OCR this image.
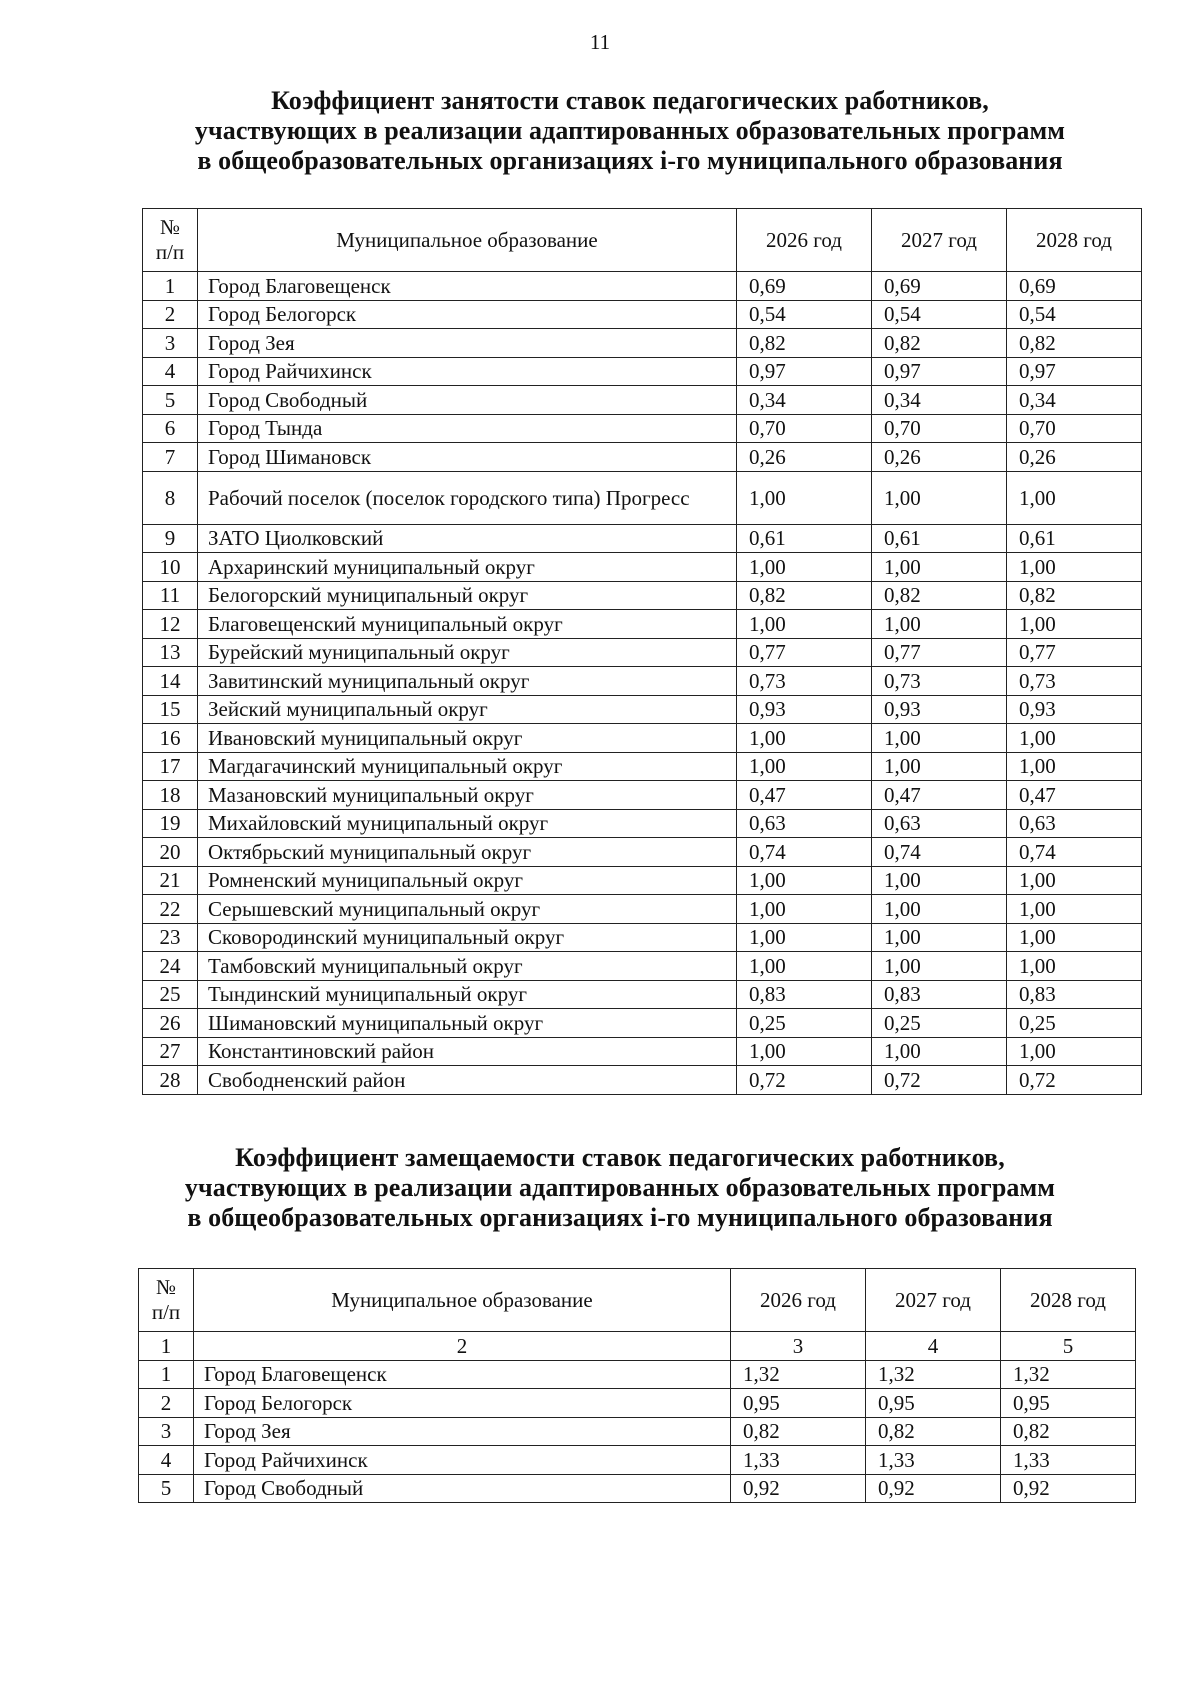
11
Коэффициент занятости ставок педагогических работников,
участвующих в реализации адаптированных образовательных программ
в общеобразовательных организациях i-го муниципального образования
№
п/п	Муниципальное образование	2026 год	2027 год	2028 год
1	Город Благовещенск	0,69	0,69	0,69
2	Город Белогорск	0,54	0,54	0,54
3	Город Зея	0,82	0,82	0,82
4	Город Райчихинск	0,97	0,97	0,97
5	Город Свободный	0,34	0,34	0,34
6	Город Тында	0,70	0,70	0,70
7	Город Шимановск	0,26	0,26	0,26
8	Рабочий поселок (поселок городского типа) Прогресс	1,00	1,00	1,00
9	ЗАТО Циолковский	0,61	0,61	0,61
10	Архаринский муниципальный округ	1,00	1,00	1,00
11	Белогорский муниципальный округ	0,82	0,82	0,82
12	Благовещенский муниципальный округ	1,00	1,00	1,00
13	Бурейский муниципальный округ	0,77	0,77	0,77
14	Завитинский муниципальный округ	0,73	0,73	0,73
15	Зейский муниципальный округ	0,93	0,93	0,93
16	Ивановский муниципальный округ	1,00	1,00	1,00
17	Магдагачинский муниципальный округ	1,00	1,00	1,00
18	Мазановский муниципальный округ	0,47	0,47	0,47
19	Михайловский муниципальный округ	0,63	0,63	0,63
20	Октябрьский муниципальный округ	0,74	0,74	0,74
21	Ромненский муниципальный округ	1,00	1,00	1,00
22	Серышевский муниципальный округ	1,00	1,00	1,00
23	Сковородинский муниципальный округ	1,00	1,00	1,00
24	Тамбовский муниципальный округ	1,00	1,00	1,00
25	Тындинский муниципальный округ	0,83	0,83	0,83
26	Шимановский муниципальный округ	0,25	0,25	0,25
27	Константиновский район	1,00	1,00	1,00
28	Свободненский район	0,72	0,72	0,72
Коэффициент замещаемости ставок педагогических работников,
участвующих в реализации адаптированных образовательных программ
в общеобразовательных организациях i-го муниципального образования
№
п/п	Муниципальное образование	2026 год	2027 год	2028 год
1	2	3	4	5
1	Город Благовещенск	1,32	1,32	1,32
2	Город Белогорск	0,95	0,95	0,95
3	Город Зея	0,82	0,82	0,82
4	Город Райчихинск	1,33	1,33	1,33
5	Город Свободный	0,92	0,92	0,92
